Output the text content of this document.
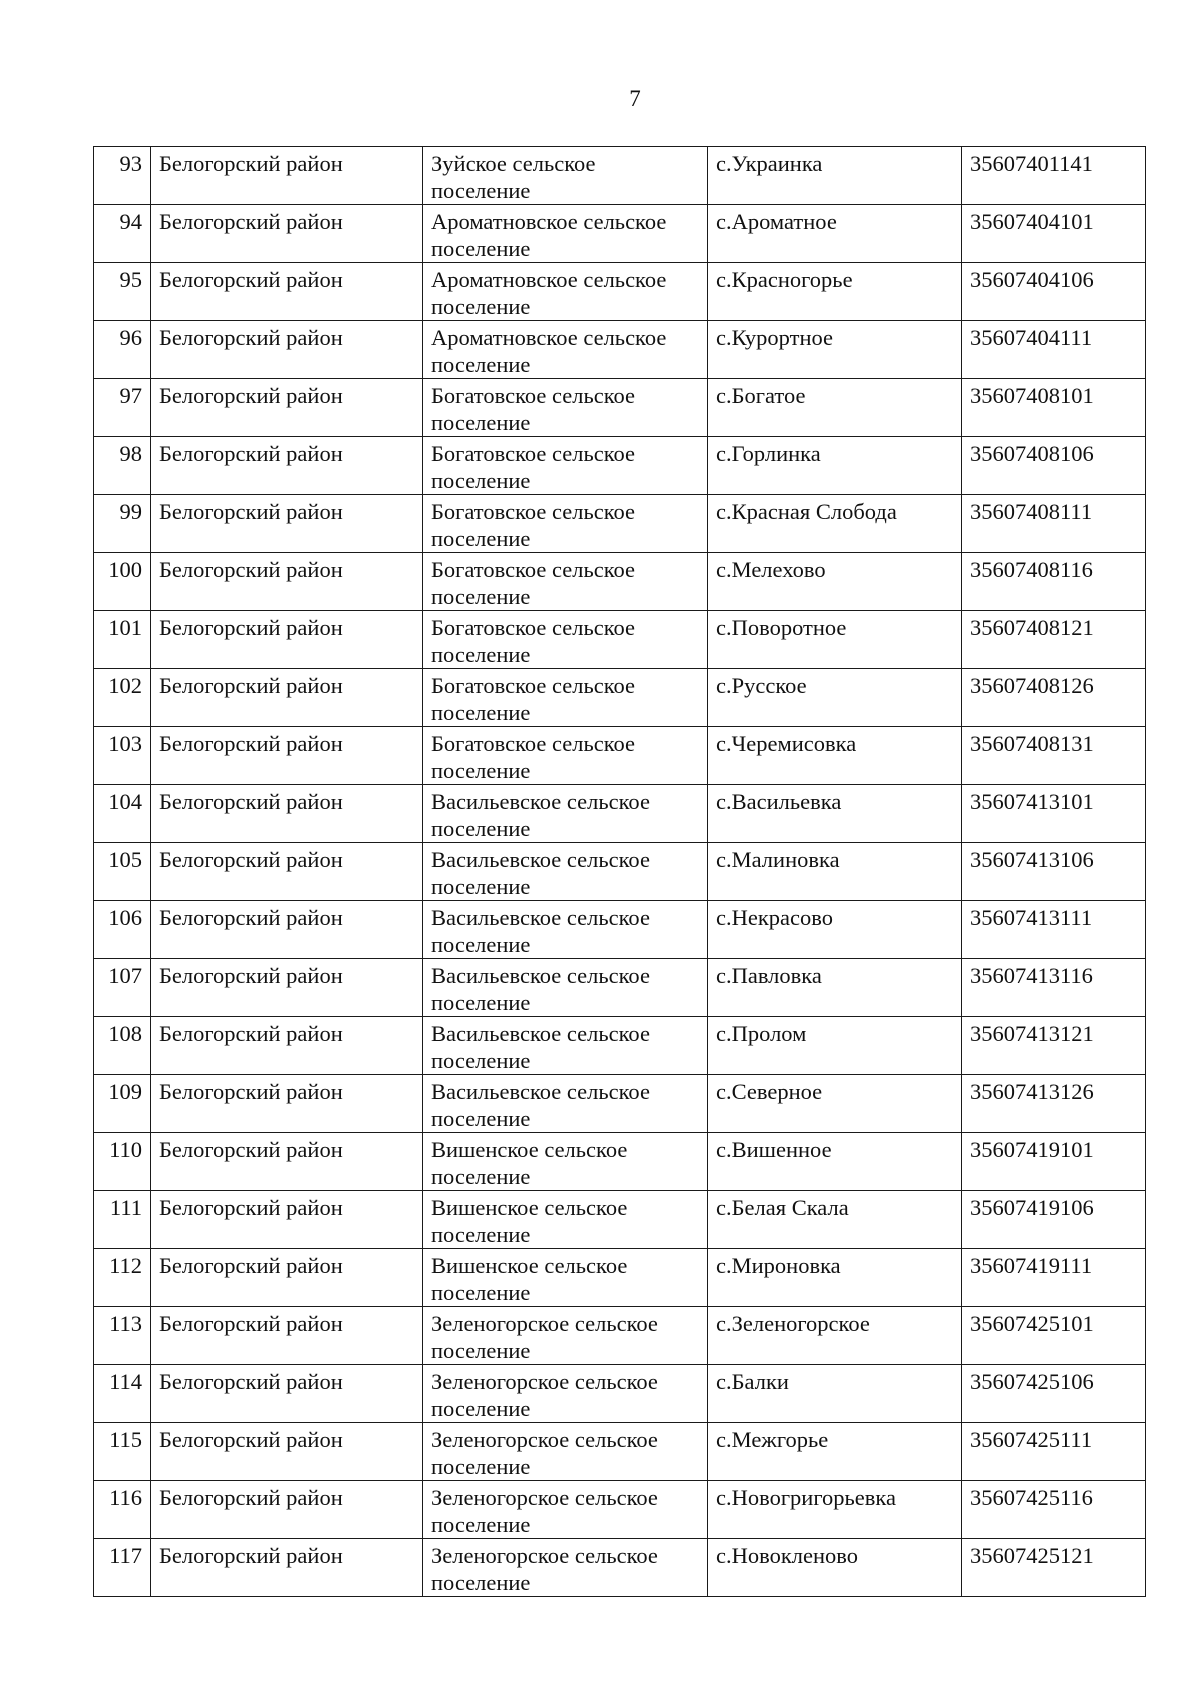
7
93	Белогорский район	Зуйское сельское поселение	с.Украинка	35607401141
94	Белогорский район	Ароматновское сельское поселение	с.Ароматное	35607404101
95	Белогорский район	Ароматновское сельское поселение	с.Красногорье	35607404106
96	Белогорский район	Ароматновское сельское поселение	с.Курортное	35607404111
97	Белогорский район	Богатовское сельское поселение	с.Богатое	35607408101
98	Белогорский район	Богатовское сельское поселение	с.Горлинка	35607408106
99	Белогорский район	Богатовское сельское поселение	с.Красная Слобода	35607408111
100	Белогорский район	Богатовское сельское поселение	с.Мелехово	35607408116
101	Белогорский район	Богатовское сельское поселение	с.Поворотное	35607408121
102	Белогорский район	Богатовское сельское поселение	с.Русское	35607408126
103	Белогорский район	Богатовское сельское поселение	с.Черемисовка	35607408131
104	Белогорский район	Васильевское сельское поселение	с.Васильевка	35607413101
105	Белогорский район	Васильевское сельское поселение	с.Малиновка	35607413106
106	Белогорский район	Васильевское сельское поселение	с.Некрасово	35607413111
107	Белогорский район	Васильевское сельское поселение	с.Павловка	35607413116
108	Белогорский район	Васильевское сельское поселение	с.Пролом	35607413121
109	Белогорский район	Васильевское сельское поселение	с.Северное	35607413126
110	Белогорский район	Вишенское сельское поселение	с.Вишенное	35607419101
111	Белогорский район	Вишенское сельское поселение	с.Белая Скала	35607419106
112	Белогорский район	Вишенское сельское поселение	с.Мироновка	35607419111
113	Белогорский район	Зеленогорское сельское поселение	с.Зеленогорское	35607425101
114	Белогорский район	Зеленогорское сельское поселение	с.Балки	35607425106
115	Белогорский район	Зеленогорское сельское поселение	с.Межгорье	35607425111
116	Белогорский район	Зеленогорское сельское поселение	с.Новогригорьевка	35607425116
117	Белогорский район	Зеленогорское сельское поселение	с.Новокленово	35607425121
